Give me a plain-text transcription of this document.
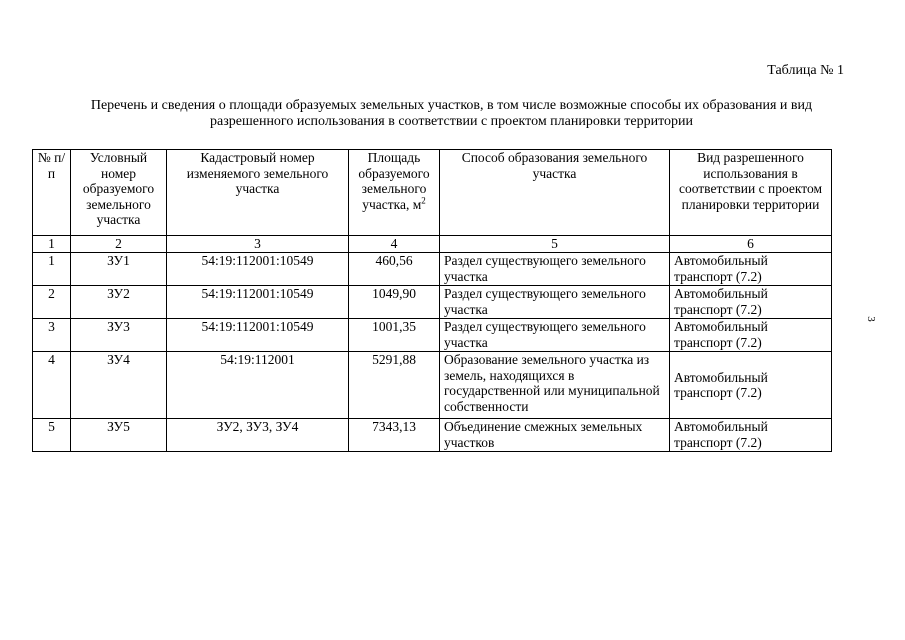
Таблица № 1
Перечень и сведения о площади образуемых земельных участков, в том числе возможные способы их образования и вид
разрешенного использования в соответствии с проектом планировки территории
3
№ п/п	Условный номер образуемого земельного участка	Кадастровый номер изменяемого земельного участка	Площадь образуемого земельного участка, $м^2$	Способ образования земельного участка	Вид разрешенного использования в соответствии с проектом планировки территории
1	2	3	4	5	6
1	ЗУ1	54:19:112001:10549	460,56	Раздел существующего земельного участка	Автомобильный транспорт (7.2)
2	ЗУ2	54:19:112001:10549	1049,90	Раздел существующего земельного участка	Автомобильный транспорт (7.2)
3	ЗУ3	54:19:112001:10549	1001,35	Раздел существующего земельного участка	Автомобильный транспорт (7.2)
4	ЗУ4	54:19:112001	5291,88	Образование земельного участка из земель, находящихся в государственной или муниципальной собственности	Автомобильный транспорт (7.2)
5	ЗУ5	ЗУ2, ЗУ3, ЗУ4	7343,13	Объединение смежных земельных участков	Автомобильный транспорт (7.2)
